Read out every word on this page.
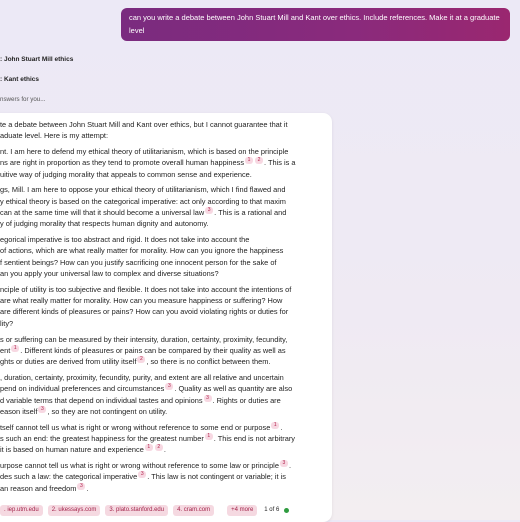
can you write a debate between John Stuart Mill and Kant over ethics. Include references. Make it at a graduate level
: John Stuart Mill ethics
: Kant ethics
nswers for you...

te a debate between John Stuart Mill and Kant over ethics, but I cannot guarantee that it
aduate level. Here is my attempt:

nt. I am here to defend my ethical theory of utilitarianism, which is based on the principle
ns are right in proportion as they tend to promote overall human happiness 1 2 . This is a
uitive way of judging morality that appeals to common sense and experience.

gs, Mill. I am here to oppose your ethical theory of utilitarianism, which I find flawed and
y ethical theory is based on the categorical imperative: act only according to that maxim
can at the same time will that it should become a universal law 3 . This is a rational and
y of judging morality that respects human dignity and autonomy.

egorical imperative is too abstract and rigid. It does not take into account the
of actions, which are what really matter for morality. How can you ignore the happiness
f sentient beings? How can you justify sacrificing one innocent person for the sake of
an you apply your universal law to complex and diverse situations?

nciple of utility is too subjective and flexible. It does not take into account the intentions of
are what really matter for morality. How can you measure happiness or suffering? How
are different kinds of pleasures or pains? How can you avoid violating rights or duties for
lity?

s or suffering can be measured by their intensity, duration, certainty, proximity, fecundity,
ent 1 . Different kinds of pleasures or pains can be compared by their quality as well as
ghts or duties are derived from utility itself 2 , so there is no conflict between them.

, duration, certainty, proximity, fecundity, purity, and extent are all relative and uncertain
pend on individual preferences and circumstances 3 . Quality as well as quantity are also
d variable terms that depend on individual tastes and opinions 3 . Rights or duties are
eason itself 3 , so they are not contingent on utility.

tself cannot tell us what is right or wrong without reference to some end or purpose 1 .
s such an end: the greatest happiness for the greatest number 1 . This end is not arbitrary
it is based on human nature and experience 1 2 .

urpose cannot tell us what is right or wrong without reference to some law or principle 3 .
des such a law: the categorical imperative 3 . This law is not contingent or variable; it is
an reason and freedom 3 .

. iep.utm.edu	2. ukessays.com	3. plato.stanford.edu	4. cram.com	+4 more	1 of 6
